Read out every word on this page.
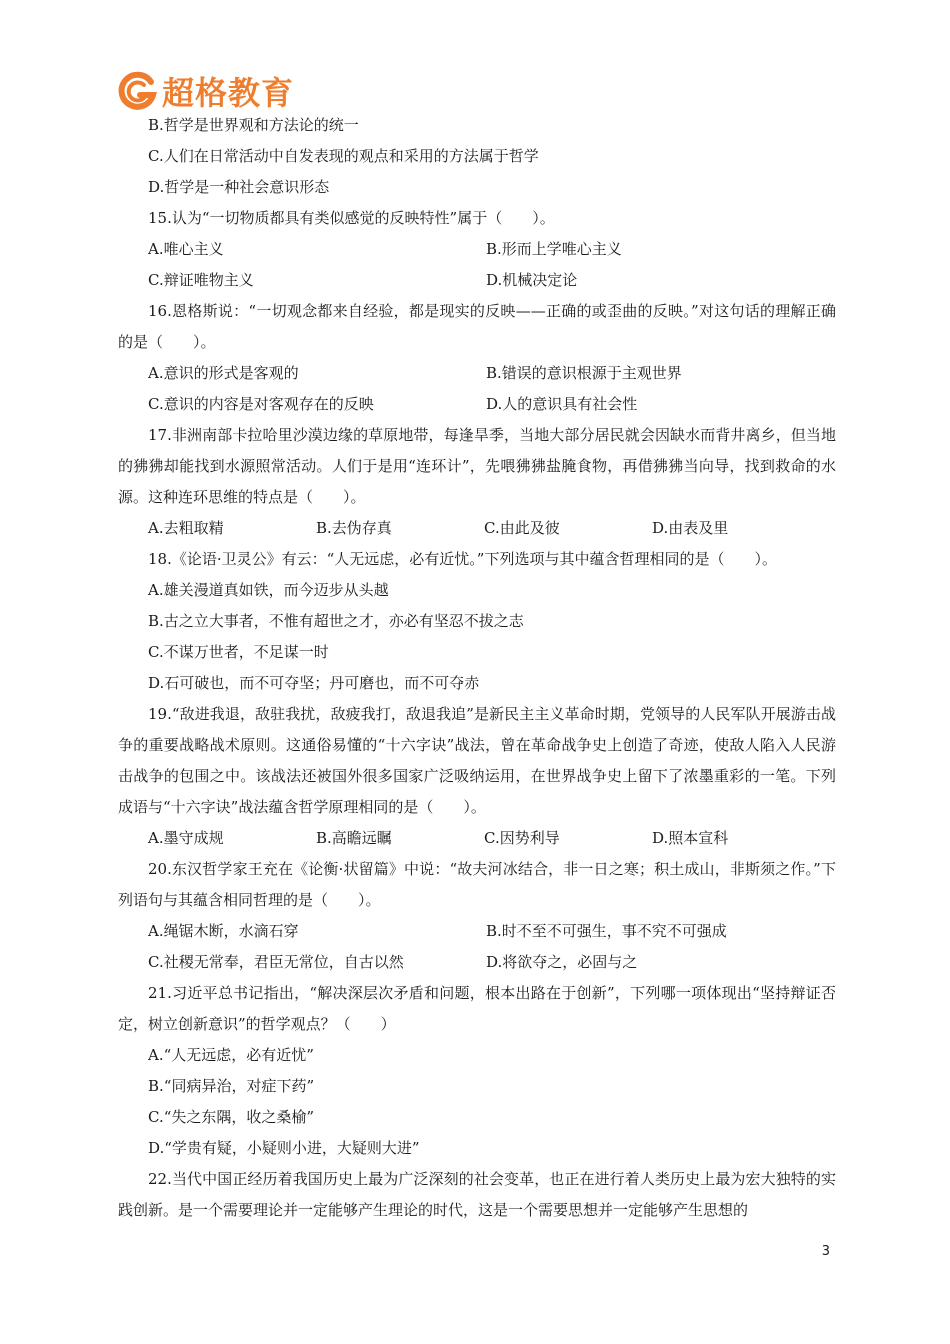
超格教育
B.哲学是世界观和方法论的统一
C.人们在日常活动中自发表现的观点和采用的方法属于哲学
D.哲学是一种社会意识形态
15.认为“一切物质都具有类似感觉的反映特性”属于（　　）。
A.唯心主义	B.形而上学唯心主义
C.辩证唯物主义	D.机械决定论
16.恩格斯说：“一切观念都来自经验，都是现实的反映——正确的或歪曲的反映。”对这句话的理解正确的是（　　）。
A.意识的形式是客观的	B.错误的意识根源于主观世界
C.意识的内容是对客观存在的反映	D.人的意识具有社会性
17.非洲南部卡拉哈里沙漠边缘的草原地带，每逢旱季，当地大部分居民就会因缺水而背井离乡，但当地的狒狒却能找到水源照常活动。人们于是用“连环计”，先喂狒狒盐腌食物，再借狒狒当向导，找到救命的水源。这种连环思维的特点是（　　）。
A.去粗取精	B.去伪存真	C.由此及彼	D.由表及里
18.《论语·卫灵公》有云：“人无远虑，必有近忧。”下列选项与其中蕴含哲理相同的是（　　）。
A.雄关漫道真如铁，而今迈步从头越
B.古之立大事者，不惟有超世之才，亦必有坚忍不拔之志
C.不谋万世者，不足谋一时
D.石可破也，而不可夺坚；丹可磨也，而不可夺赤
19.“敌进我退，敌驻我扰，敌疲我打，敌退我追”是新民主主义革命时期，党领导的人民军队开展游击战争的重要战略战术原则。这通俗易懂的“十六字诀”战法，曾在革命战争史上创造了奇迹，使敌人陷入人民游击战争的包围之中。该战法还被国外很多国家广泛吸纳运用，在世界战争史上留下了浓墨重彩的一笔。下列成语与“十六字诀”战法蕴含哲学原理相同的是（　　）。
A.墨守成规	B.高瞻远瞩	C.因势利导	D.照本宣科
20.东汉哲学家王充在《论衡·状留篇》中说：“故夫河冰结合，非一日之寒；积土成山，非斯须之作。”下列语句与其蕴含相同哲理的是（　　）。
A.绳锯木断，水滴石穿	B.时不至不可强生，事不究不可强成
C.社稷无常奉，君臣无常位，自古以然	D.将欲夺之，必固与之
21.习近平总书记指出，“解决深层次矛盾和问题，根本出路在于创新”，下列哪一项体现出“坚持辩证否定，树立创新意识”的哲学观点？（　　）
A.“人无远虑，必有近忧”
B.“同病异治，对症下药”
C.“失之东隅，收之桑榆”
D.“学贵有疑，小疑则小进，大疑则大进”
22.当代中国正经历着我国历史上最为广泛深刻的社会变革，也正在进行着人类历史上最为宏大独特的实践创新。是一个需要理论并一定能够产生理论的时代，这是一个需要思想并一定能够产生思想的
3
